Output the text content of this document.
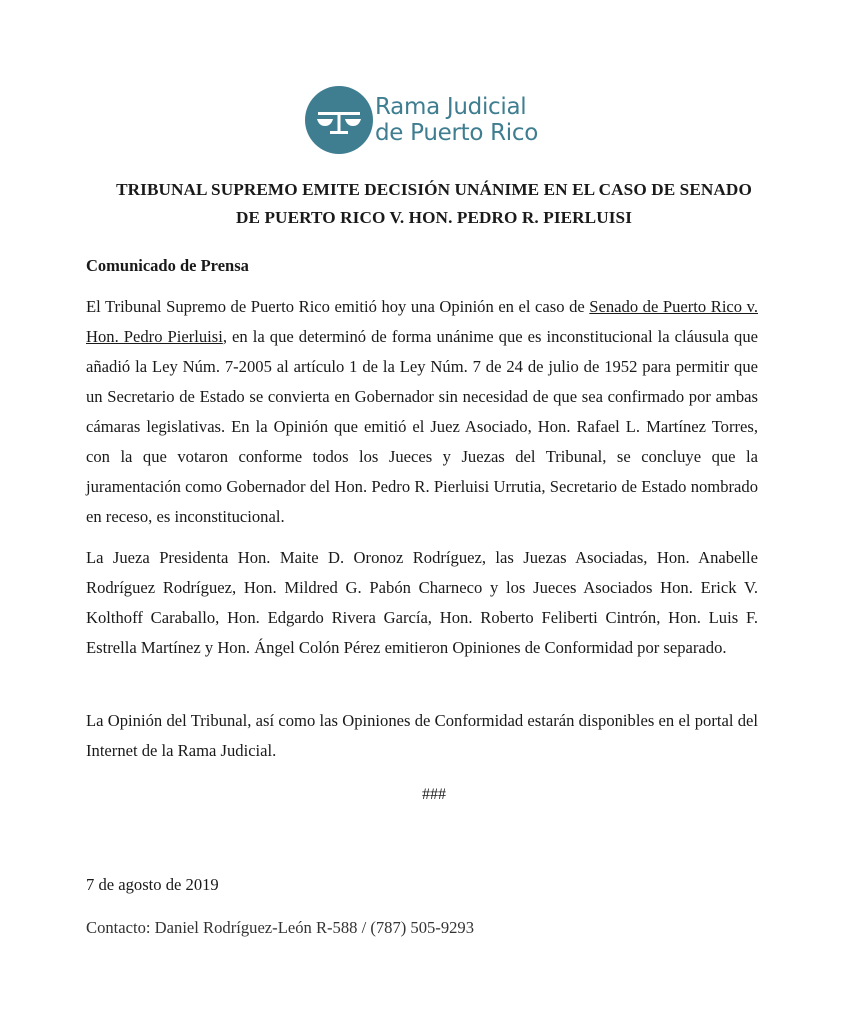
Rama Judicial
de Puerto Rico
TRIBUNAL SUPREMO EMITE DECISIÓN UNÁNIME EN EL CASO DE SENADO
DE PUERTO RICO V. HON. PEDRO R. PIERLUISI
Comunicado de Prensa
El Tribunal Supremo de Puerto Rico emitió hoy una Opinión en el caso de Senado de Puerto Rico v. Hon. Pedro Pierluisi, en la que determinó de forma unánime que es inconstitucional la cláusula que añadió la Ley Núm. 7-2005 al artículo 1 de la Ley Núm. 7 de 24 de julio de 1952 para permitir que un Secretario de Estado se convierta en Gobernador sin necesidad de que sea confirmado por ambas cámaras legislativas. En la Opinión que emitió el Juez Asociado, Hon. Rafael L. Martínez Torres, con la que votaron conforme todos los Jueces y Juezas del Tribunal, se concluye que la juramentación como Gobernador del Hon. Pedro R. Pierluisi Urrutia, Secretario de Estado nombrado en receso, es inconstitucional.
La Jueza Presidenta Hon. Maite D. Oronoz Rodríguez, las Juezas Asociadas, Hon. Anabelle Rodríguez Rodríguez, Hon. Mildred G. Pabón Charneco y los Jueces Asociados Hon. Erick V. Kolthoff Caraballo, Hon. Edgardo Rivera García, Hon. Roberto Feliberti Cintrón, Hon. Luis F. Estrella Martínez y Hon. Ángel Colón Pérez emitieron Opiniones de Conformidad por separado.
La Opinión del Tribunal, así como las Opiniones de Conformidad estarán disponibles en el portal del Internet de la Rama Judicial.
###
7 de agosto de 2019
Contacto: Daniel Rodríguez-León R-588 / (787) 505-9293
